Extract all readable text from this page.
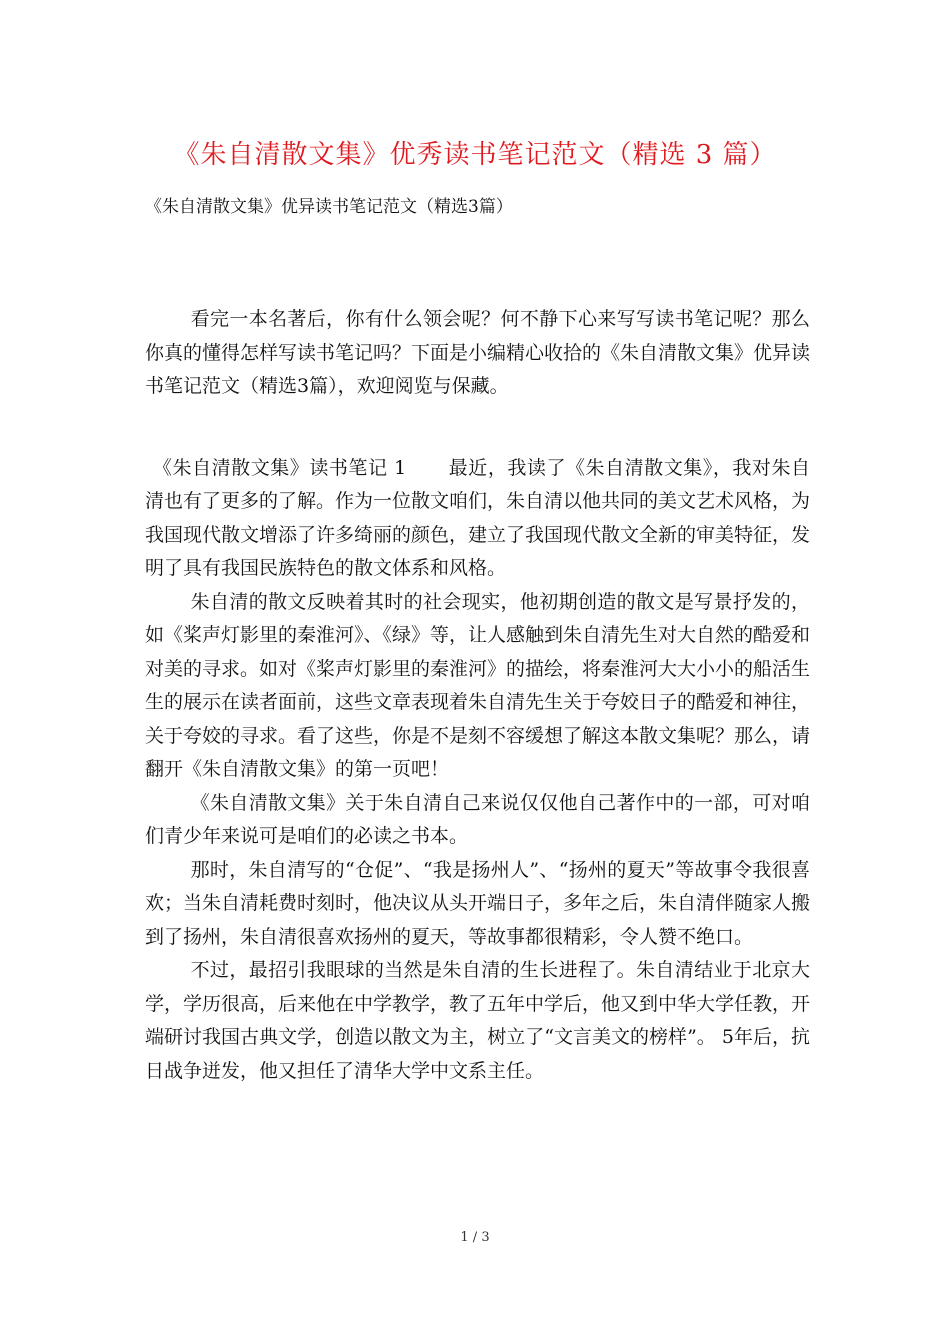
《朱自清散文集》优秀读书笔记范文（精选 3 篇）
《朱自清散文集》优异读书笔记范文（精选3篇）

看完一本名著后，你有什么领会呢？何不静下心来写写读书笔记呢？那么你真的懂得怎样写读书笔记吗？下面是小编精心收拾的《朱自清散文集》优异读书笔记范文（精选3篇），欢迎阅览与保藏。

《朱自清散文集》读书笔记 1 最近，我读了《朱自清散文集》，我对朱自清也有了更多的了解。作为一位散文咱们，朱自清以他共同的美文艺术风格，为我国现代散文增添了许多绮丽的颜色，建立了我国现代散文全新的审美特征，发明了具有我国民族特色的散文体系和风格。

朱自清的散文反映着其时的社会现实，他初期创造的散文是写景抒发的，如《桨声灯影里的秦淮河》、《绿》等，让人感触到朱自清先生对大自然的酷爱和对美的寻求。如对《桨声灯影里的秦淮河》的描绘，将秦淮河大大小小的船活生生的展示在读者面前，这些文章表现着朱自清先生关于夸姣日子的酷爱和神往，关于夸姣的寻求。看了这些，你是不是刻不容缓想了解这本散文集呢？那么，请翻开《朱自清散文集》的第一页吧！

《朱自清散文集》关于朱自清自己来说仅仅他自己著作中的一部，可对咱们青少年来说可是咱们的必读之书本。

那时，朱自清写的“仓促”、“我是扬州人”、“扬州的夏天”等故事令我很喜欢；当朱自清耗费时刻时，他决议从头开端日子，多年之后，朱自清伴随家人搬到了扬州，朱自清很喜欢扬州的夏天，等故事都很精彩，令人赞不绝口。

不过，最招引我眼球的当然是朱自清的生长进程了。朱自清结业于北京大学，学历很高，后来他在中学教学，教了五年中学后，他又到中华大学任教，开端研讨我国古典文学，创造以散文为主，树立了“文言美文的榜样”。 5年后，抗日战争迸发，他又担任了清华大学中文系主任。

1 / 3
